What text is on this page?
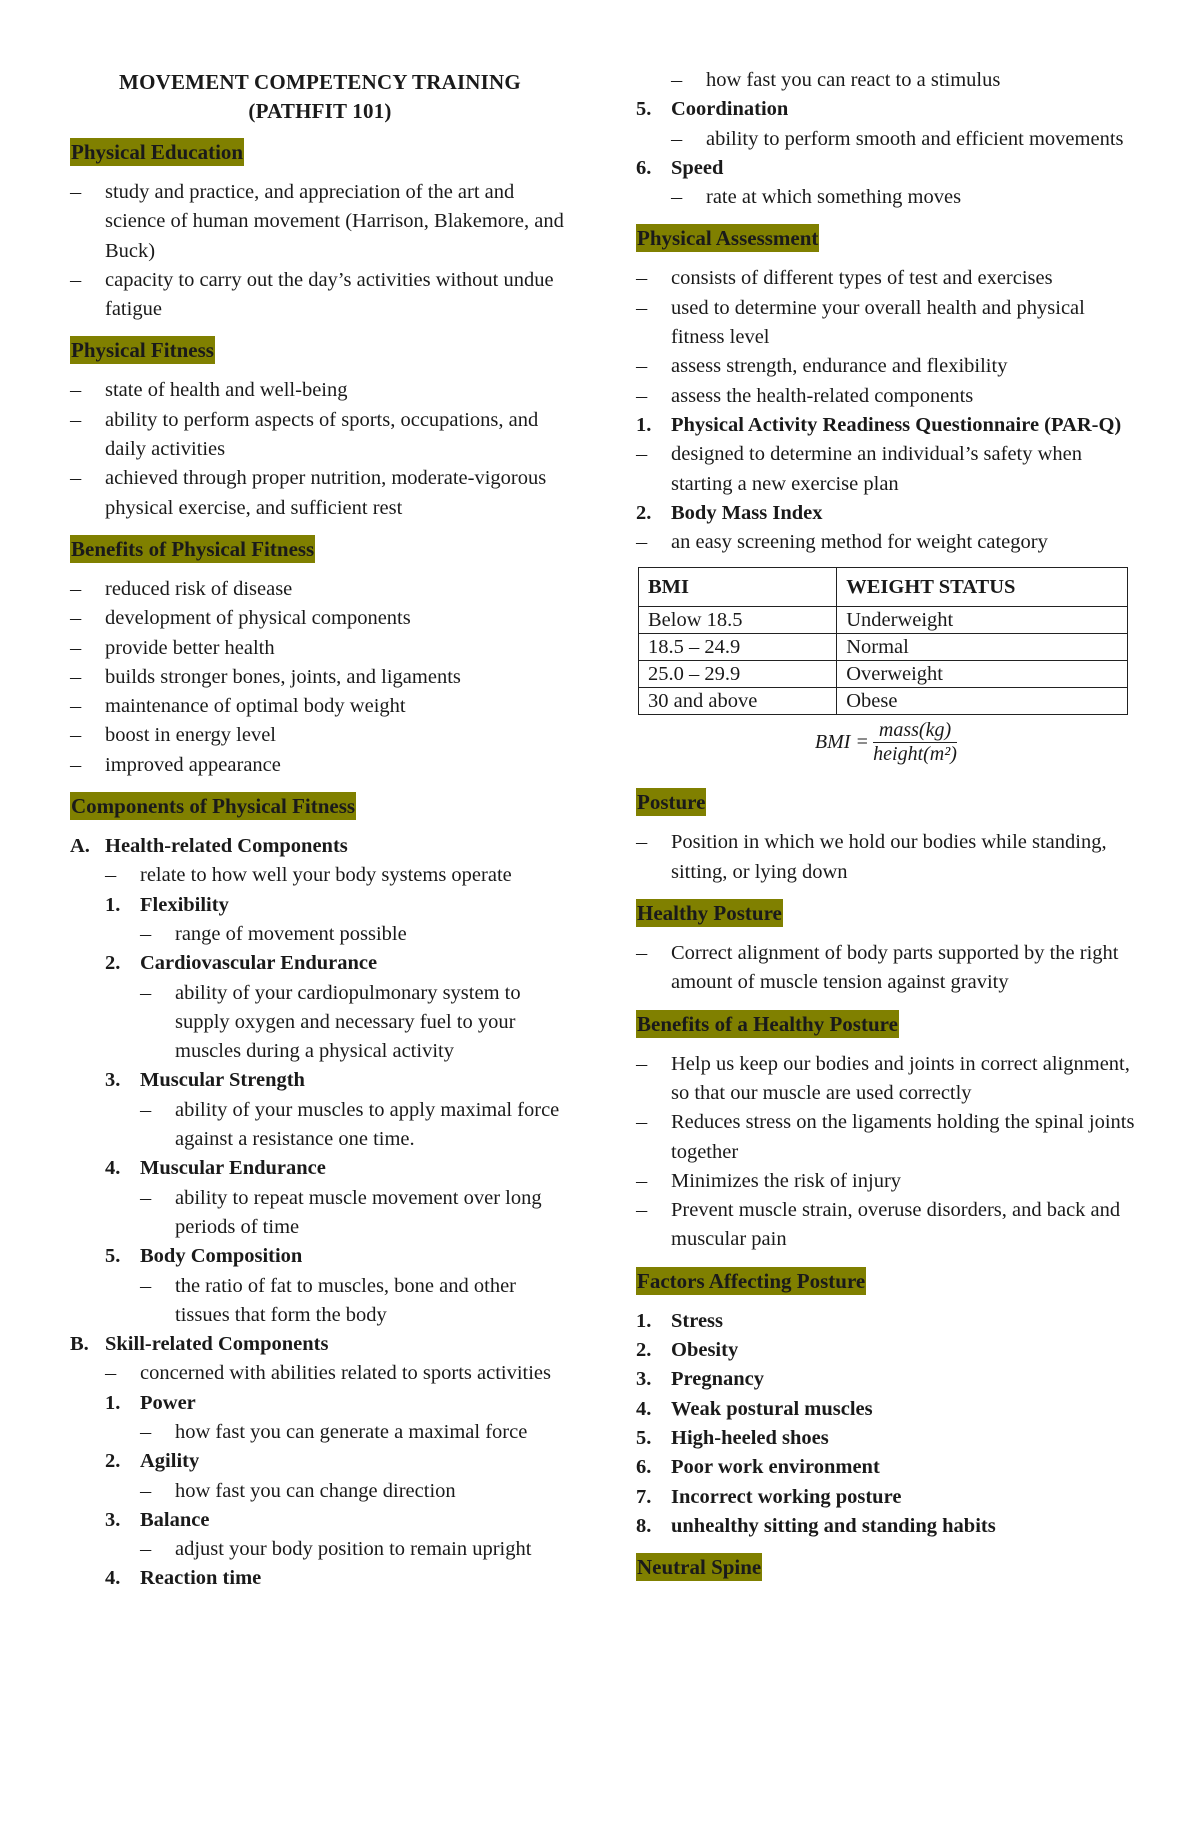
MOVEMENT COMPETENCY TRAINING
(PATHFIT 101)
Physical Education
— study and practice, and appreciation of the art and science of human movement (Harrison, Blakemore, and Buck)
— capacity to carry out the day’s activities without undue fatigue
Physical Fitness
— state of health and well-being
— ability to perform aspects of sports, occupations, and daily activities
— achieved through proper nutrition, moderate-vigorous physical exercise, and sufficient rest
Benefits of Physical Fitness
— reduced risk of disease
— development of physical components
— provide better health
— builds stronger bones, joints, and ligaments
— maintenance of optimal body weight
— boost in energy level
— improved appearance
Components of Physical Fitness
A. Health-related Components
— relate to how well your body systems operate
1. Flexibility
— range of movement possible
2. Cardiovascular Endurance
— ability of your cardiopulmonary system to supply oxygen and necessary fuel to your muscles during a physical activity
3. Muscular Strength
— ability of your muscles to apply maximal force against a resistance one time.
4. Muscular Endurance
— ability to repeat muscle movement over long periods of time
5. Body Composition
— the ratio of fat to muscles, bone and other tissues that form the body
B. Skill-related Components
— concerned with abilities related to sports activities
1. Power
— how fast you can generate a maximal force
2. Agility
— how fast you can change direction
3. Balance
— adjust your body position to remain upright
4. Reaction time
— how fast you can react to a stimulus
5. Coordination
— ability to perform smooth and efficient movements
6. Speed
— rate at which something moves
Physical Assessment
— consists of different types of test and exercises
— used to determine your overall health and physical fitness level
— assess strength, endurance and flexibility
— assess the health-related components
1. Physical Activity Readiness Questionnaire (PAR-Q)
— designed to determine an individual’s safety when starting a new exercise plan
2. Body Mass Index
— an easy screening method for weight category
BMI	WEIGHT STATUS
Below 18.5	Underweight
18.5 – 24.9	Normal
25.0 – 29.9	Overweight
30 and above	Obese
BMI = $\frac{\text{mass(kg)}}{\text{height(m²)}}$
Posture
— Position in which we hold our bodies while standing, sitting, or lying down
Healthy Posture
— Correct alignment of body parts supported by the right amount of muscle tension against gravity
Benefits of a Healthy Posture
— Help us keep our bodies and joints in correct alignment, so that our muscle are used correctly
— Reduces stress on the ligaments holding the spinal joints together
— Minimizes the risk of injury
— Prevent muscle strain, overuse disorders, and back and muscular pain
Factors Affecting Posture
1. Stress
2. Obesity
3. Pregnancy
4. Weak postural muscles
5. High-heeled shoes
6. Poor work environment
7. Incorrect working posture
8. unhealthy sitting and standing habits
Neutral Spine
